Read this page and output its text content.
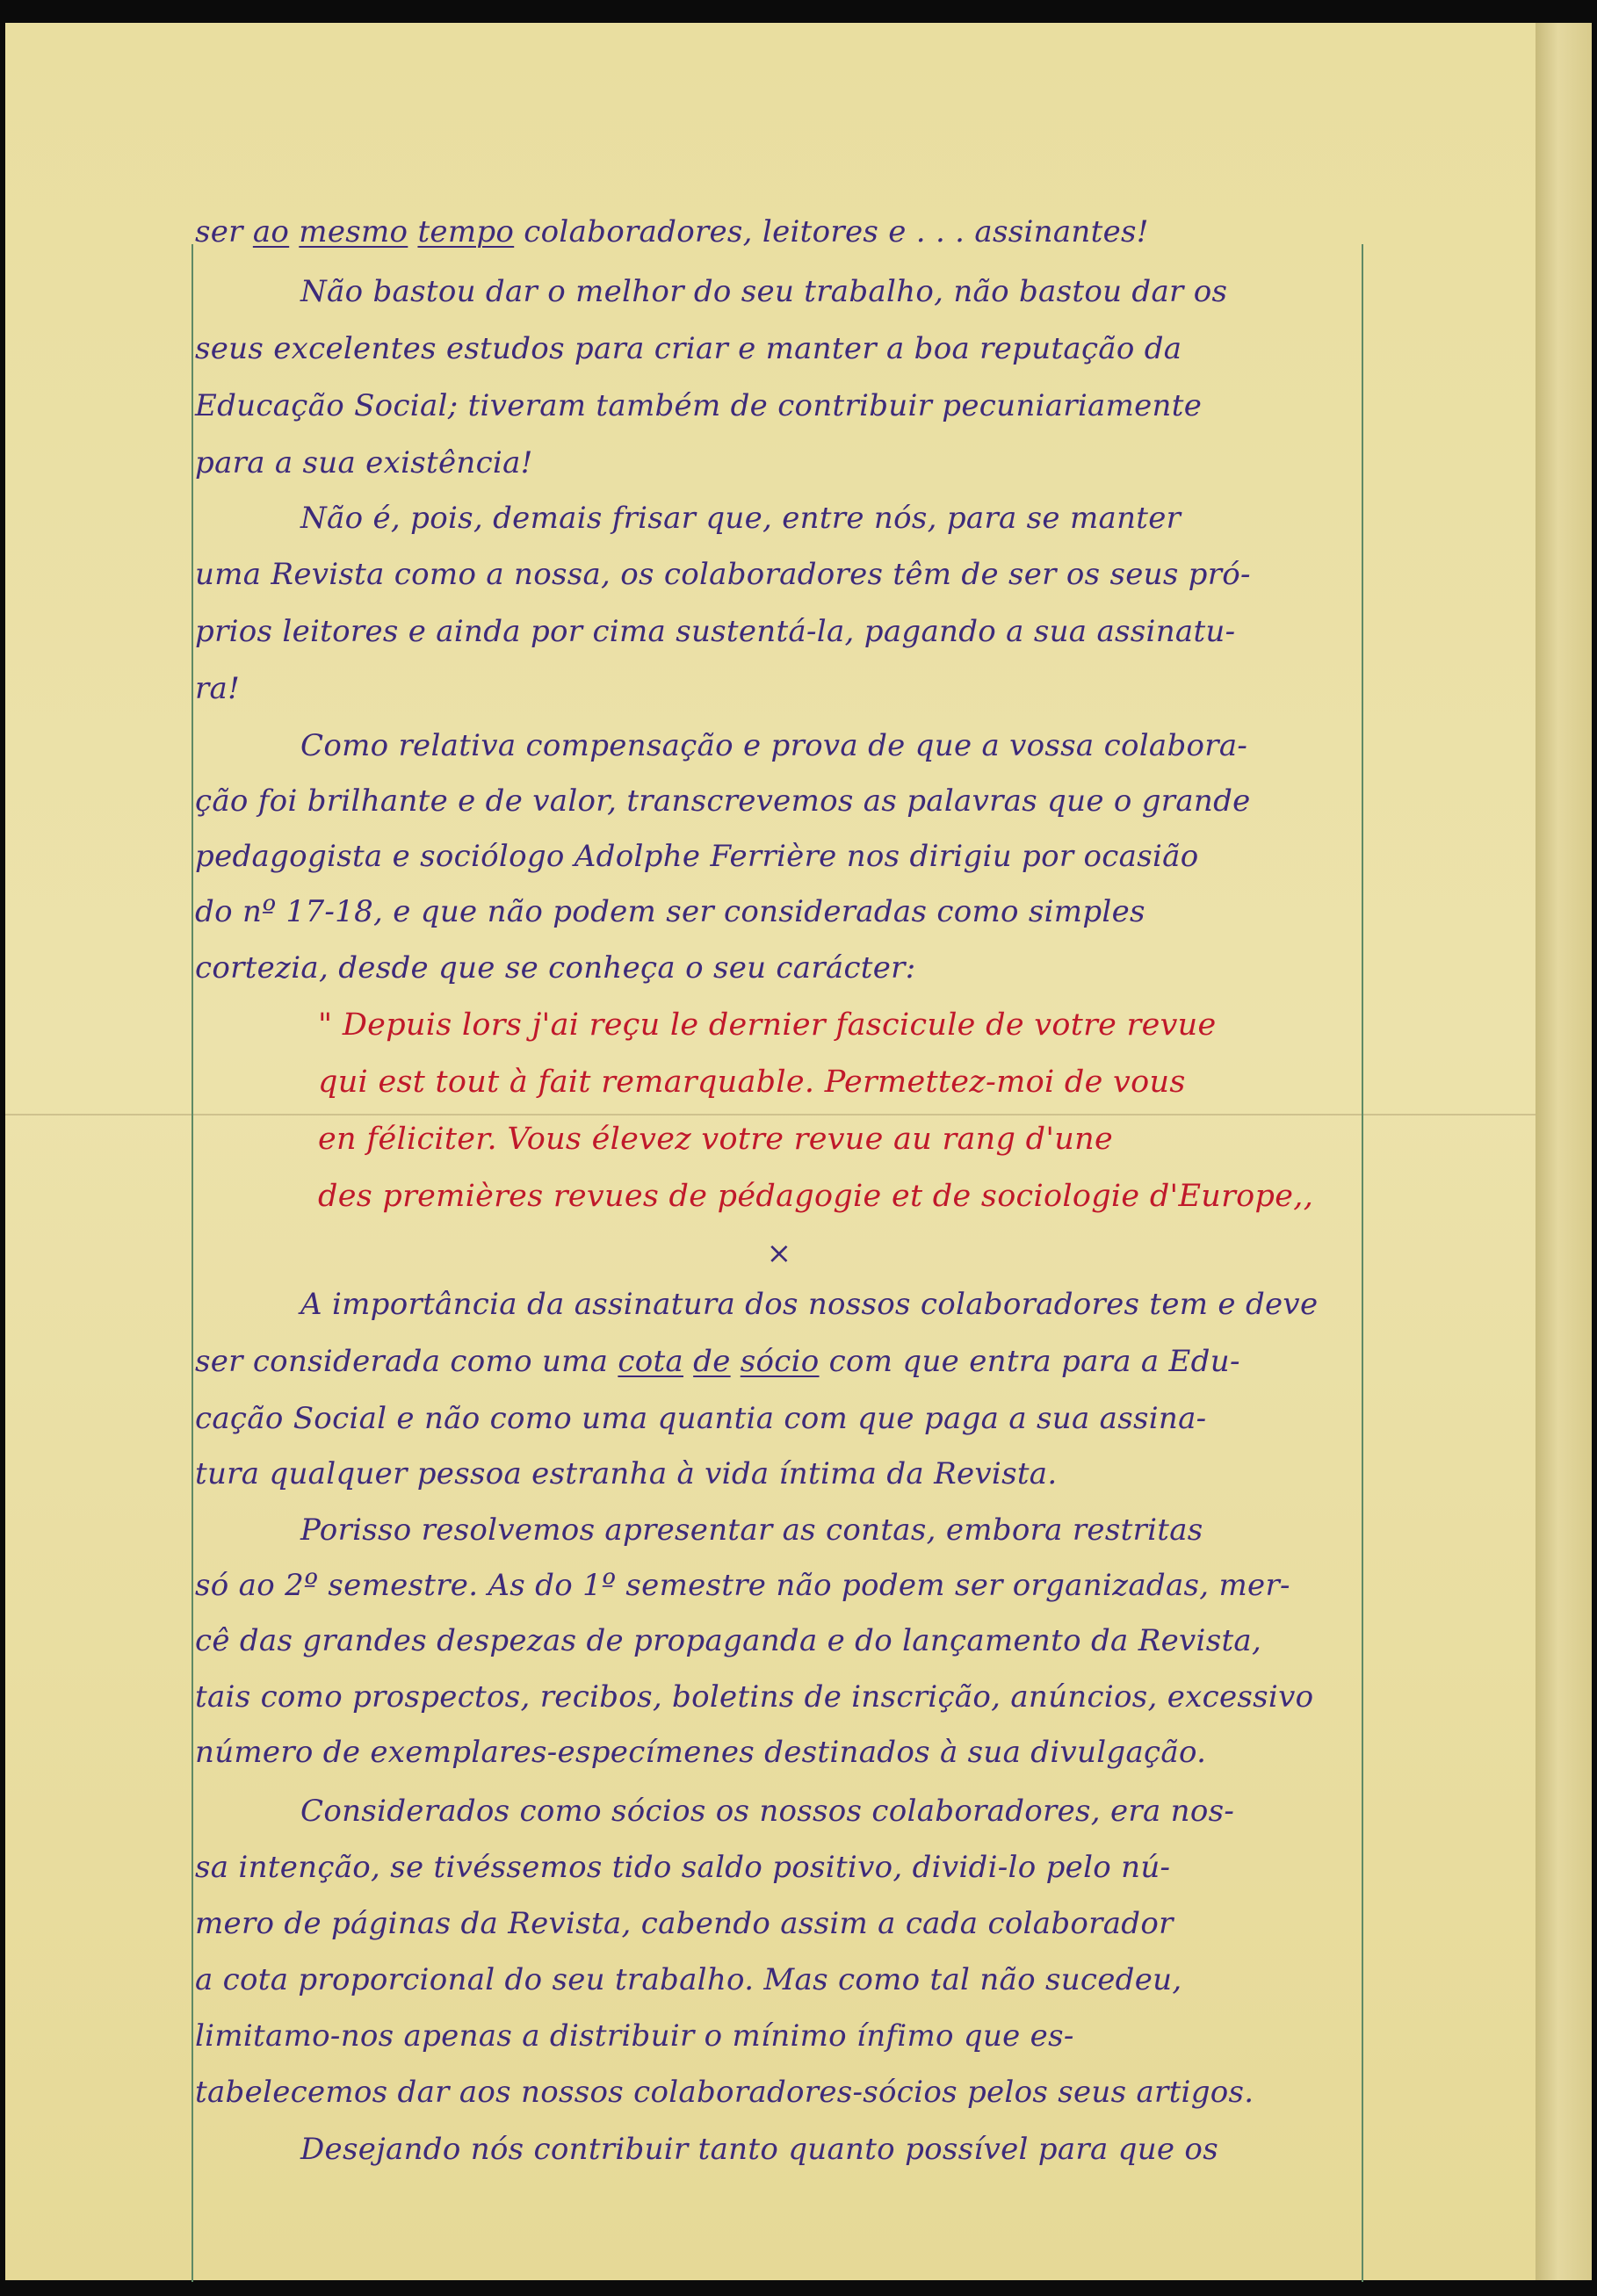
ser ao mesmo tempo colaboradores, leitores e . . . assinantes!
Não bastou dar o melhor do seu trabalho, não bastou dar os
seus excelentes estudos para criar e manter a boa reputação da
Educação Social; tiveram também de contribuir pecuniariamente
para a sua existência!
Não é, pois, demais frisar que, entre nós, para se manter
uma Revista como a nossa, os colaboradores têm de ser os seus pró-
prios leitores e ainda por cima sustentá-la, pagando a sua assinatu-
ra!
Como relativa compensação e prova de que a vossa colabora-
ção foi brilhante e de valor, transcrevemos as palavras que o grande
pedagogista e sociólogo Adolphe Ferrière nos dirigiu por ocasião
do nº 17-18, e que não podem ser consideradas como simples
cortezia, desde que se conheça o seu carácter:
" Depuis lors j'ai reçu le dernier fascicule de votre revue
qui est tout à fait remarquable. Permettez-moi de vous
en féliciter. Vous élevez votre revue au rang d'une
des premières revues de pédagogie et de sociologie d'Europe,,
×
A importância da assinatura dos nossos colaboradores tem e deve
ser considerada como uma cota de sócio com que entra para a Edu-
cação Social e não como uma quantia com que paga a sua assina-
tura qualquer pessoa estranha à vida íntima da Revista.
Porisso resolvemos apresentar as contas, embora restritas
só ao 2º semestre. As do 1º semestre não podem ser organizadas, mer-
cê das grandes despezas de propaganda e do lançamento da Revista,
tais como prospectos, recibos, boletins de inscrição, anúncios, excessivo
número de exemplares-especímenes destinados à sua divulgação.
Considerados como sócios os nossos colaboradores, era nos-
sa intenção, se tivéssemos tido saldo positivo, dividi-lo pelo nú-
mero de páginas da Revista, cabendo assim a cada colaborador
a cota proporcional do seu trabalho. Mas como tal não sucedeu,
limitamo-nos apenas a distribuir o mínimo ínfimo que es-
tabelecemos dar aos nossos colaboradores-sócios pelos seus artigos.
Desejando nós contribuir tanto quanto possível para que os
